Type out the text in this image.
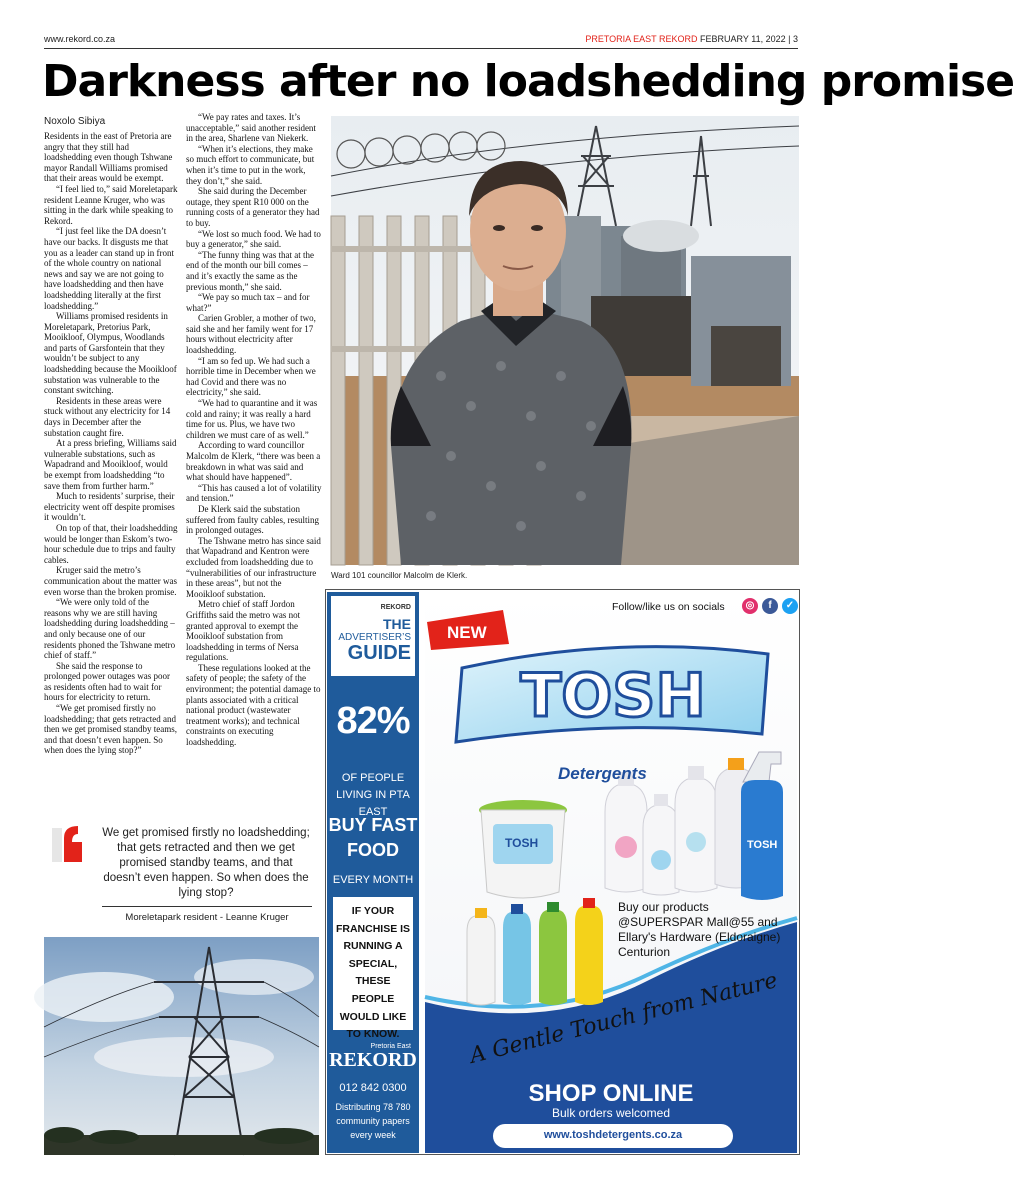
www.rekord.co.za	PRETORIA EAST REKORD FEBRUARY 11, 2022 | 3
Darkness after no loadshedding promise
Noxolo Sibiya

Residents in the east of Pretoria are angry that they still had loadshedding even though Tshwane mayor Randall Williams promised that their areas would be exempt.

“I feel lied to,” said Moreletapark resident Leanne Kruger, who was sitting in the dark while speaking to Rekord.

“I just feel like the DA doesn’t have our backs. It disgusts me that you as a leader can stand up in front of the whole country on national news and say we are not going to have loadshedding and then have loadshedding literally at the first loadshedding.”

Williams promised residents in Moreletapark, Pretorius Park, Mooikloof, Olympus, Woodlands and parts of Garsfontein that they wouldn’t be subject to any loadshedding because the Mooikloof substation was vulnerable to the constant switching.

Residents in these areas were stuck without any electricity for 14 days in December after the substation caught fire.

At a press briefing, Williams said vulnerable substations, such as Wapadrand and Mooikloof, would be exempt from loadshedding “to save them from further harm.”

Much to residents’ surprise, their electricity went off despite promises it wouldn’t.

On top of that, their loadshedding would be longer than Eskom’s two-hour schedule due to trips and faulty cables.

Kruger said the metro’s communication about the matter was even worse than the broken promise.

“We were only told of the reasons why we are still having loadshedding during loadshedding – and only because one of our residents phoned the Tshwane metro chief of staff.”

She said the response to prolonged power outages was poor as residents often had to wait for hours for electricity to return.

“We get promised firstly no loadshedding; that gets retracted and then we get promised standby teams, and that doesn’t even happen. So when does the lying stop?”

“We pay rates and taxes. It’s unacceptable,” said another resident in the area, Sharlene van Niekerk.

“When it’s elections, they make so much effort to communicate, but when it’s time to put in the work, they don’t,” she said.

She said during the December outage, they spent R10 000 on the running costs of a generator they had to buy.

“We lost so much food. We had to buy a generator,” she said.

“The funny thing was that at the end of the month our bill comes – and it’s exactly the same as the previous month,” she said.

“We pay so much tax – and for what?”

Carien Grobler, a mother of two, said she and her family went for 17 hours without electricity after loadshedding.

“I am so fed up. We had such a horrible time in December when we had Covid and there was no electricity,” she said.

“We had to quarantine and it was cold and rainy; it was really a hard time for us. Plus, we have two children we must care of as well.”

According to ward councillor Malcolm de Klerk, “there was been a breakdown in what was said and what should have happened”.

“This has caused a lot of volatility and tension.”

De Klerk said the substation suffered from faulty cables, resulting in prolonged outages.

The Tshwane metro has since said that Wapadrand and Kentron were excluded from loadshedding due to “vulnerabilities of our infrastructure in these areas”, but not the Mooikloof substation.

Metro chief of staff Jordon Griffiths said the metro was not granted approval to exempt the Mooikloof substation from loadshedding in terms of Nersa regulations.

These regulations looked at the safety of people; the safety of the environment; the potential damage to plants associated with a critical national product (wastewater treatment works); and technical constraints on executing loadshedding.

Ward 101 councillor Malcolm de Klerk.
We get promised firstly no loadshedding; that gets retracted and then we get promised standby teams, and that doesn’t even happen. So when does the lying stop?
Moreletapark resident - Leanne Kruger
REKORD
THE
ADVERTISER’S
GUIDE
82%
OF PEOPLE LIVING IN PTA EAST
BUY FAST FOOD
EVERY MONTH
IF YOUR FRANCHISE IS RUNNING A SPECIAL, THESE PEOPLE WOULD LIKE TO KNOW.
Pretoria East
REKORD
012 842 0300
Distributing 78 780 community papers every week
NEW
TOSH	TOSH
Follow/like us on socials	◎	f	✓
TOSH
Detergents
Buy our products @SUPERSPAR Mall@55 and Ellary's Hardware (Eldoraigne) Centurion
A Gentle Touch from Nature
SHOP ONLINE
Bulk orders welcomed
www.toshdetergents.co.za
